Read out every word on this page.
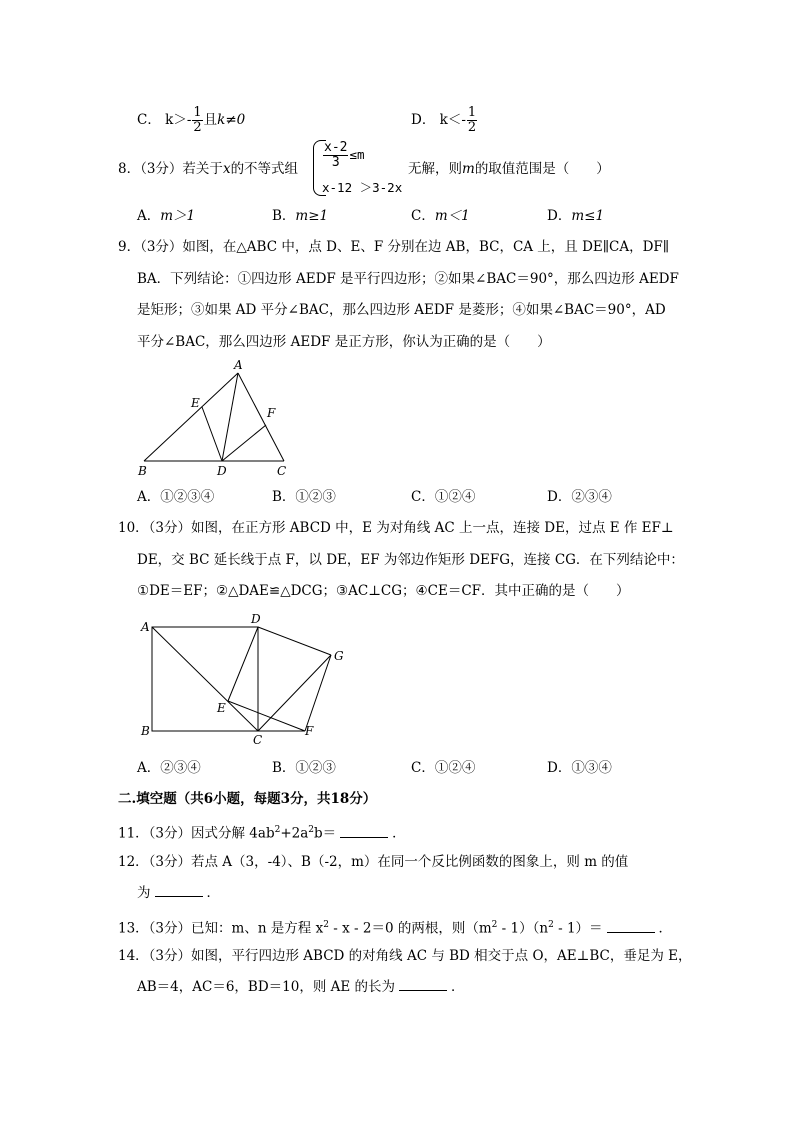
C． $k>- \frac{1}{2}$ 且k≠0	D． $k<- \frac{1}{2}$
8．（3分）若关于x的不等式组 $\frac{x-2}{3} \le m$
x-12 ＞3-2x
无解，则m的取值范围是（　　）
A．m＞1	B．m≥1	C．m＜1	D．m≤1
9．（3分）如图，在△ABC 中，点 D、E、F 分别在边 AB，BC，CA 上，且 DE∥CA，DF∥
BA．下列结论：①四边形 AEDF 是平行四边形；②如果∠BAC＝90°，那么四边形 AEDF
是矩形；③如果 AD 平分∠BAC，那么四边形 AEDF 是菱形；④如果∠BAC＝90°，AD
平分∠BAC，那么四边形 AEDF 是正方形，你认为正确的是（　　）
A
B	C
D
E
F
A．①②③④	B．①②③	C．①②④	D．②③④
10．（3分）如图，在正方形 ABCD 中，E 为对角线 AC 上一点，连接 DE，过点 E 作 EF⊥
DE，交 BC 延长线于点 F，以 DE，EF 为邻边作矩形 DEFG，连接 CG．在下列结论中：
①DE＝EF；②△DAE≌△DCG；③AC⊥CG；④CE＝CF．其中正确的是（　　）
A
D
G
E
B
C
F
A．②③④	B．①②③	C．①②④	D．①③④
二.填空题（共6小题，每题3分，共18分）
11．（3分）因式分解 $4ab^2+2a^2b=$	．
12．（3分）若点 A（3，-4）、B（-2，m）在同一个反比例函数的图象上，则 m 的值
为	．
13．（3分）已知：m、n 是方程 $x^2 - x - 2=0$ 的两根，则$(m^2 - 1)(n^2 - 1)=$	．
14．（3分）如图，平行四边形 ABCD 的对角线 AC 与 BD 相交于点 O，AE⊥BC，垂足为 E，
AB＝4，AC＝6，BD＝10，则 AE 的长为	．
